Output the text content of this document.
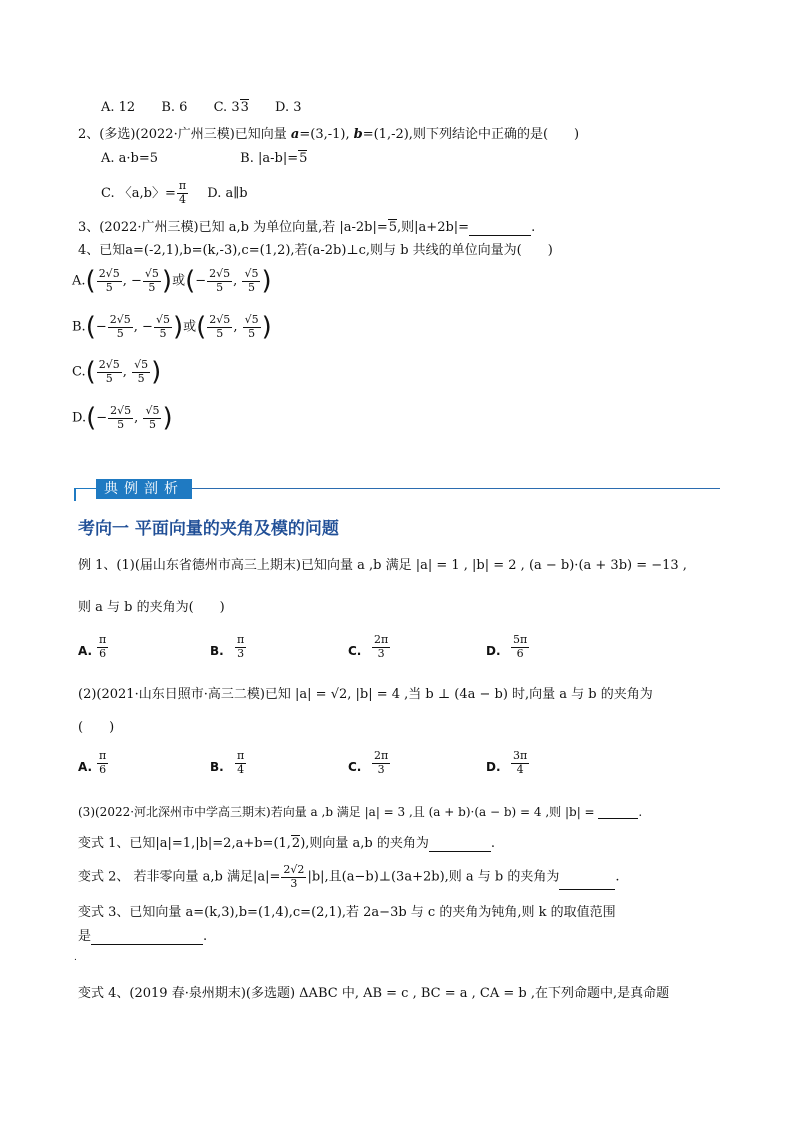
A. 12 B. 6 C. 33 D. 3
2、(多选)(2022·广州三模)已知向量 a=(3,-1), b=(1,-2),则下列结论中正确的是(　　)
A. a·b=5	B. |a-b|=5
C. 〈a,b〉= $\frac{\pi}{4} D$. a∥b
3、(2022·广州三模)已知 a,b 为单位向量,若 |a-2b|=5,则|a+2b|=	.
4、已知a=(-2,1),b=(k,-3),c=(1,2),若(a-2b)⊥c,则与 b 共线的单位向量为(　　)
$A.( \frac{2√5}{5}$ , − $\frac{√5}{5}$ )或(− $\frac{2√5}{5}$ , $\frac{√5}{5}$ )
$B.(- \frac{2√5}{5}$ , − $\frac{√5}{5}$ )或( $\frac{2√5}{5}$ , $\frac{√5}{5}$ )
$C.( \frac{2√5}{5}$ , $\frac{√5}{5}$ )
$D.(- \frac{2√5}{5}$ , $\frac{√5}{5}$ )
典例剖析
考向一 平面向量的夹角及模的问题
例 1、(1)(届山东省德州市高三上期末)已知向量 a ,b 满足 |a| = 1 , |b| = 2 , (a − b)·(a + 3b) = −13 ,
则 a 与 b 的夹角为(　　)
A. $\frac{\pi}{6}$	B. $\frac{\pi}{3}$	C. $\frac{2\pi}{3}$	D. $\frac{5\pi}{6}$
(2)(2021·山东日照市·高三二模)已知 |a| = √2, |b| = 4 ,当 b ⊥ (4a − b) 时,向量 a 与 b 的夹角为
(　　)
A. $\frac{\pi}{6}$	B. $\frac{\pi}{4}$	C. $\frac{2\pi}{3}$	D. $\frac{3\pi}{4}$
(3)(2022·河北深州市中学高三期末)若向量 a ,b 满足 |a| = 3 ,且 (a + b)·(a − b) = 4 ,则 |b| =	.
变式 1、已知|a|=1,|b|=2,a+b=(1,2),则向量 a,b 的夹角为	.
变式 2、 若非零向量 a,b 满足$|a|= \frac{2√2}{3} |b|$,且(a−b)⊥(3a+2b),则 a 与 b 的夹角为	.
变式 3、已知向量 a=(k,3),b=(1,4),c=(2,1),若 2a−3b 与 c 的夹角为钝角,则 k 的取值范围
是	.
.
变式 4、(2019 春·泉州期末)(多选题) ΔABC 中, AB = c , BC = a , CA = b ,在下列命题中,是真命题
